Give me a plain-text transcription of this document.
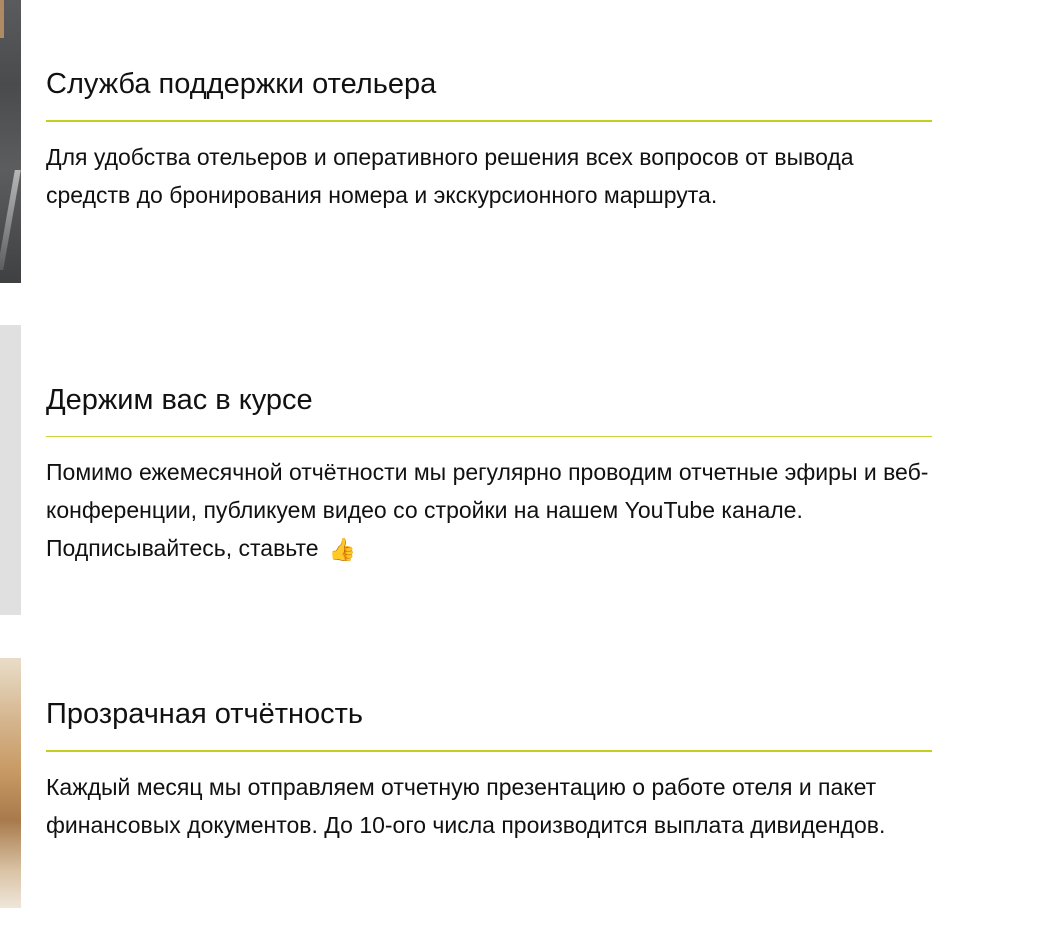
Служба поддержки отельера

Для удобства отельеров и оперативного решения всех вопросов от вывода средств до бронирования номера и экскурсионного маршрута.

Держим вас в курсе

Помимо ежемесячной отчётности мы регулярно проводим отчетные эфиры и веб-конференции, публикуем видео со стройки на нашем YouTube канале. Подписывайтесь, ставьте 👍

Прозрачная отчётность

Каждый месяц мы отправляем отчетную презентацию о работе отеля и пакет финансовых документов. До 10-ого числа производится выплата дивидендов.
